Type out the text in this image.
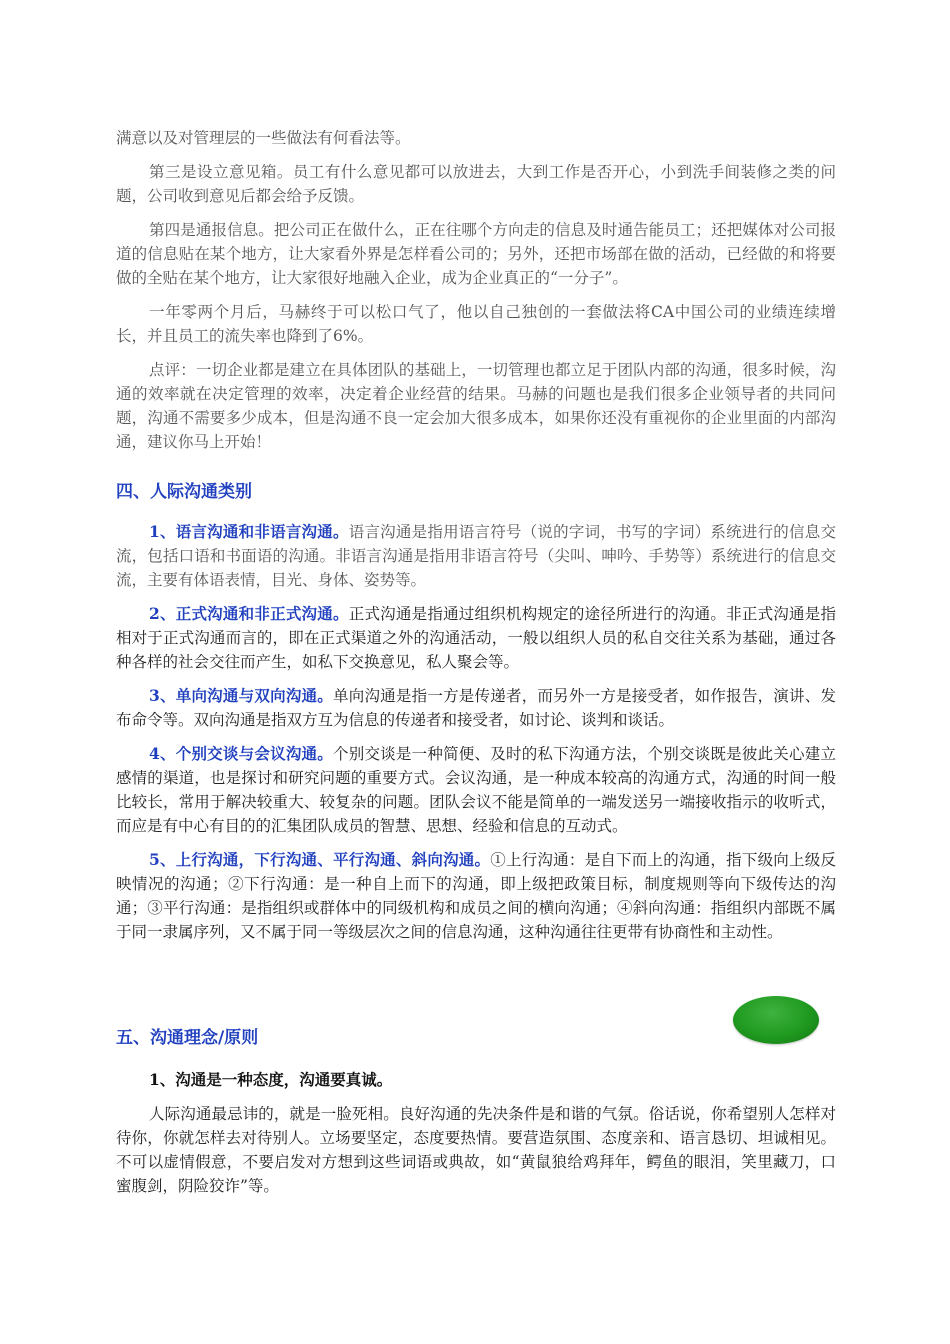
满意以及对管理层的一些做法有何看法等。

第三是设立意见箱。员工有什么意见都可以放进去，大到工作是否开心，小到洗手间装修之类的问题，公司收到意见后都会给予反馈。

第四是通报信息。把公司正在做什么，正在往哪个方向走的信息及时通告能员工；还把媒体对公司报道的信息贴在某个地方，让大家看外界是怎样看公司的；另外，还把市场部在做的活动，已经做的和将要做的全贴在某个地方，让大家很好地融入企业，成为企业真正的“一分子”。

一年零两个月后，马赫终于可以松口气了，他以自己独创的一套做法将CA中国公司的业绩连续增长，并且员工的流失率也降到了6%。

点评：一切企业都是建立在具体团队的基础上，一切管理也都立足于团队内部的沟通，很多时候，沟通的效率就在决定管理的效率，决定着企业经营的结果。马赫的问题也是我们很多企业领导者的共同问题，沟通不需要多少成本，但是沟通不良一定会加大很多成本，如果你还没有重视你的企业里面的内部沟通，建议你马上开始！

四、人际沟通类别

1、语言沟通和非语言沟通。语言沟通是指用语言符号（说的字词，书写的字词）系统进行的信息交流，包括口语和书面语的沟通。非语言沟通是指用非语言符号（尖叫、呻吟、手势等）系统进行的信息交流，主要有体语表情，目光、身体、姿势等。

2、正式沟通和非正式沟通。正式沟通是指通过组织机构规定的途径所进行的沟通。非正式沟通是指相对于正式沟通而言的，即在正式渠道之外的沟通活动，一般以组织人员的私自交往关系为基础，通过各种各样的社会交往而产生，如私下交换意见，私人聚会等。

3、单向沟通与双向沟通。单向沟通是指一方是传递者，而另外一方是接受者，如作报告，演讲、发布命令等。双向沟通是指双方互为信息的传递者和接受者，如讨论、谈判和谈话。

4、个别交谈与会议沟通。个别交谈是一种简便、及时的私下沟通方法，个别交谈既是彼此关心建立感情的渠道，也是探讨和研究问题的重要方式。会议沟通，是一种成本较高的沟通方式，沟通的时间一般比较长，常用于解决较重大、较复杂的问题。团队会议不能是简单的一端发送另一端接收指示的收听式，而应是有中心有目的的汇集团队成员的智慧、思想、经验和信息的互动式。

5、上行沟通，下行沟通、平行沟通、斜向沟通。①上行沟通：是自下而上的沟通，指下级向上级反映情况的沟通；②下行沟通：是一种自上而下的沟通，即上级把政策目标，制度规则等向下级传达的沟通；③平行沟通：是指组织或群体中的同级机构和成员之间的横向沟通；④斜向沟通：指组织内部既不属于同一隶属序列，又不属于同一等级层次之间的信息沟通，这种沟通往往更带有协商性和主动性。

五、沟通理念/原则

1、沟通是一种态度，沟通要真诚。

人际沟通最忌讳的，就是一脸死相。良好沟通的先决条件是和谐的气氛。俗话说，你希望别人怎样对待你，你就怎样去对待别人。立场要坚定，态度要热情。要营造氛围、态度亲和、语言恳切、坦诚相见。不可以虚情假意，不要启发对方想到这些词语或典故，如“黄鼠狼给鸡拜年，鳄鱼的眼泪，笑里藏刀，口蜜腹剑，阴险狡诈”等。
